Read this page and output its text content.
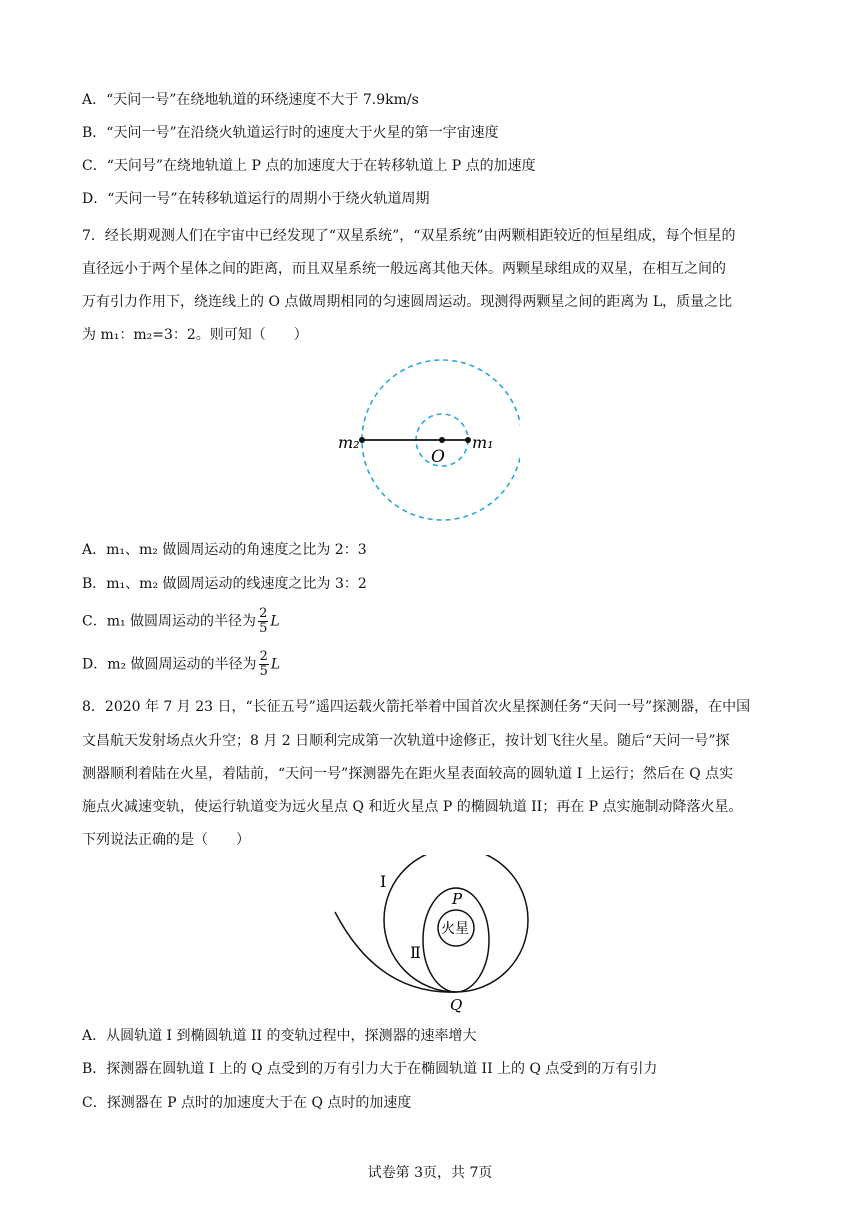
A．“天问一号”在绕地轨道的环绕速度不大于 7.9km/s
B．“天问一号”在沿绕火轨道运行时的速度大于火星的第一宇宙速度
C．“天问号”在绕地轨道上 P 点的加速度大于在转移轨道上 P 点的加速度
D．“天问一号”在转移轨道运行的周期小于绕火轨道周期
7．经长期观测人们在宇宙中已经发现了“双星系统”，“双星系统”由两颗相距较近的恒星组成，每个恒星的
直径远小于两个星体之间的距离，而且双星系统一般远离其他天体。两颗星球组成的双星，在相互之间的
万有引力作用下，绕连线上的 O 点做周期相同的匀速圆周运动。现测得两颗星之间的距离为 L，质量之比
为 m₁：m₂=3：2。则可知（　　）
m₂
O
m₁
A．m₁、m₂ 做圆周运动的角速度之比为 2：3
B．m₁、m₂ 做圆周运动的线速度之比为 3：2
C．m₁ 做圆周运动的半径为 $\frac{2}{5}$ L
D．m₂ 做圆周运动的半径为 $\frac{2}{5}$ L
8．2020 年 7 月 23 日，“长征五号”遥四运载火箭托举着中国首次火星探测任务“天问一号”探测器，在中国
文昌航天发射场点火升空；8 月 2 日顺利完成第一次轨道中途修正，按计划飞往火星。随后“天问一号”探
测器顺利着陆在火星，着陆前，“天问一号”探测器先在距火星表面较高的圆轨道 I 上运行；然后在 Q 点实
施点火减速变轨，使运行轨道变为远火星点 Q 和近火星点 P 的椭圆轨道 II；再在 P 点实施制动降落火星。
下列说法正确的是（　　）
I
Ⅱ
P
火星
Q
A．从圆轨道 I 到椭圆轨道 II 的变轨过程中，探测器的速率增大
B．探测器在圆轨道 I 上的 Q 点受到的万有引力大于在椭圆轨道 II 上的 Q 点受到的万有引力
C．探测器在 P 点时的加速度大于在 Q 点时的加速度
试卷第 3页，共 7页
